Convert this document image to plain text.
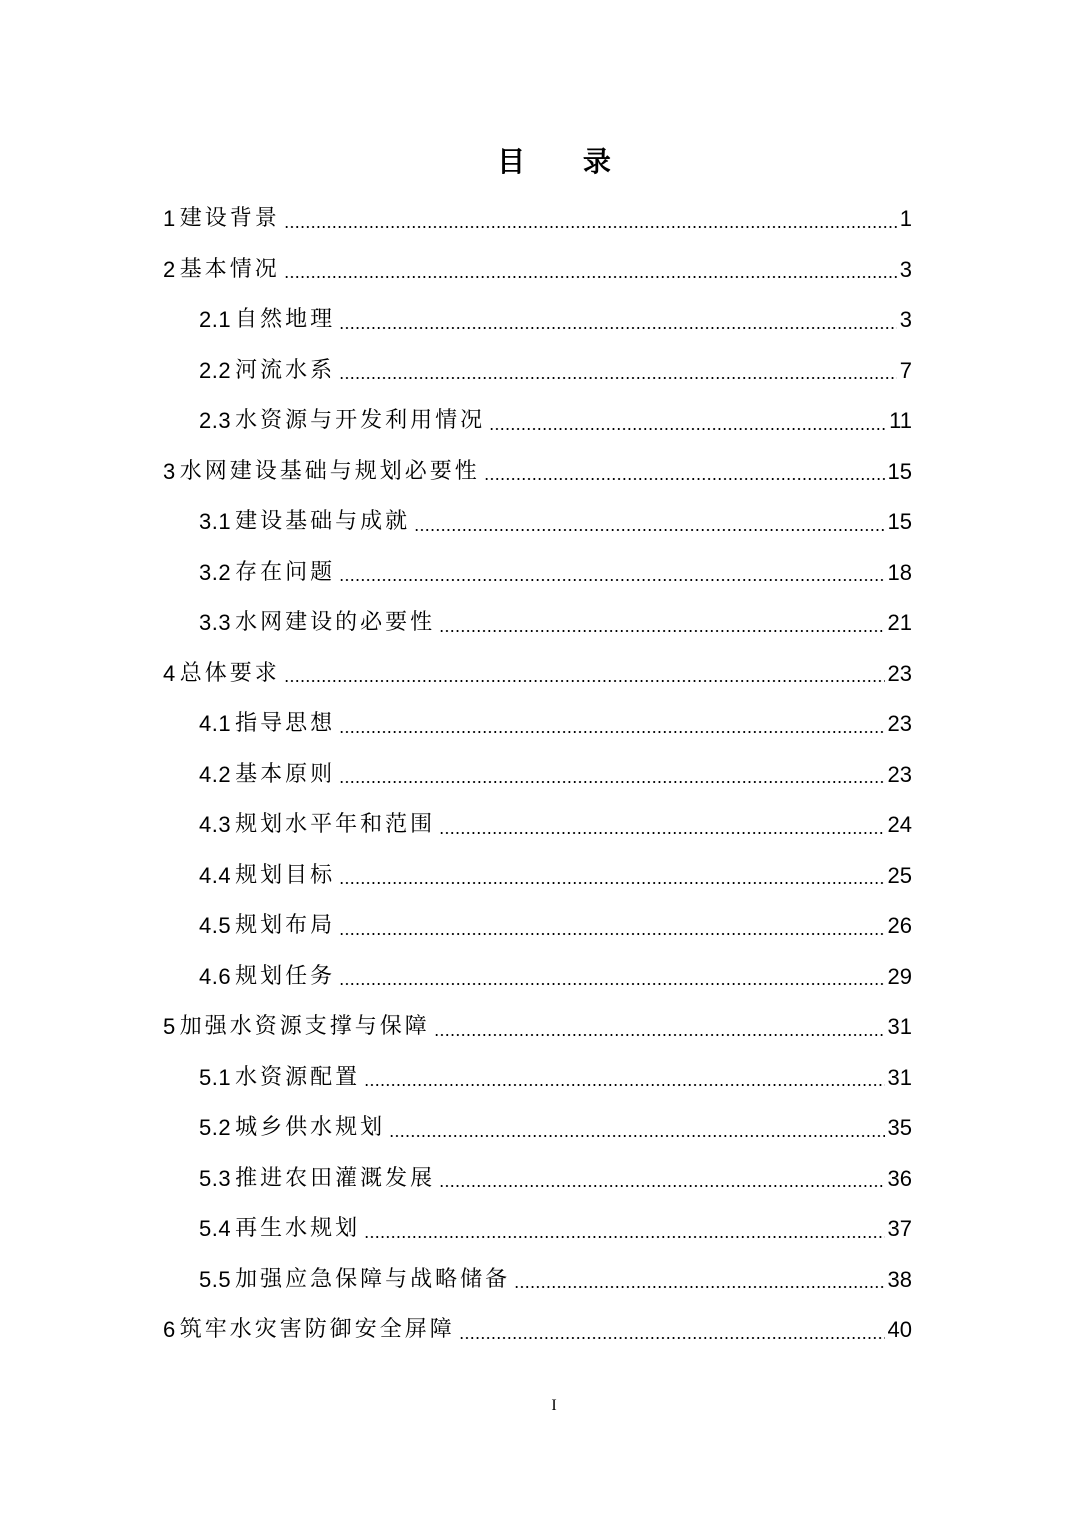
目 录
1 建设背景	1
2 基本情况	3
2.1 自然地理	3
2.2 河流水系	7
2.3 水资源与开发利用情况	11
3 水网建设基础与规划必要性	15
3.1 建设基础与成就	15
3.2 存在问题	18
3.3 水网建设的必要性	21
4 总体要求	23
4.1 指导思想	23
4.2 基本原则	23
4.3 规划水平年和范围	24
4.4 规划目标	25
4.5 规划布局	26
4.6 规划任务	29
5 加强水资源支撑与保障	31
5.1 水资源配置	31
5.2 城乡供水规划	35
5.3 推进农田灌溉发展	36
5.4 再生水规划	37
5.5 加强应急保障与战略储备	38
6 筑牢水灾害防御安全屏障	40
I
